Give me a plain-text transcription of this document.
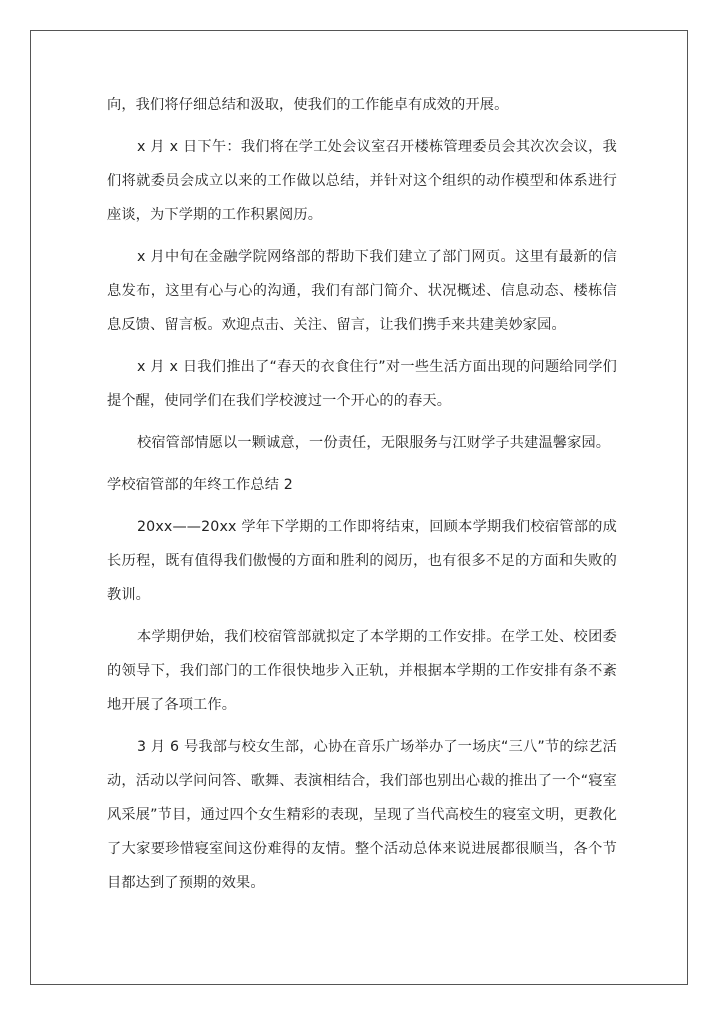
向，我们将仔细总结和汲取，使我们的工作能卓有成效的开展。

x 月 x 日下午：我们将在学工处会议室召开楼栋管理委员会其次次会议，我们将就委员会成立以来的工作做以总结，并针对这个组织的动作模型和体系进行座谈，为下学期的工作积累阅历。

x 月中旬在金融学院网络部的帮助下我们建立了部门网页。这里有最新的信息发布，这里有心与心的沟通，我们有部门简介、状况概述、信息动态、楼栋信息反馈、留言板。欢迎点击、关注、留言，让我们携手来共建美妙家园。

x 月 x 日我们推出了“春天的衣食住行”对一些生活方面出现的问题给同学们提个醒，使同学们在我们学校渡过一个开心的的春天。

校宿管部情愿以一颗诚意，一份责任，无限服务与江财学子共建温馨家园。

学校宿管部的年终工作总结 2

20xx——20xx 学年下学期的工作即将结束，回顾本学期我们校宿管部的成长历程，既有值得我们傲慢的方面和胜利的阅历，也有很多不足的方面和失败的教训。

本学期伊始，我们校宿管部就拟定了本学期的工作安排。在学工处、校团委的领导下，我们部门的工作很快地步入正轨，并根据本学期的工作安排有条不紊地开展了各项工作。

3 月 6 号我部与校女生部，心协在音乐广场举办了一场庆“三八”节的综艺活动，活动以学问问答、歌舞、表演相结合，我们部也别出心裁的推出了一个“寝室风采展”节目，通过四个女生精彩的表现，呈现了当代高校生的寝室文明，更教化了大家要珍惜寝室间这份难得的友情。整个活动总体来说进展都很顺当，各个节目都达到了预期的效果。
